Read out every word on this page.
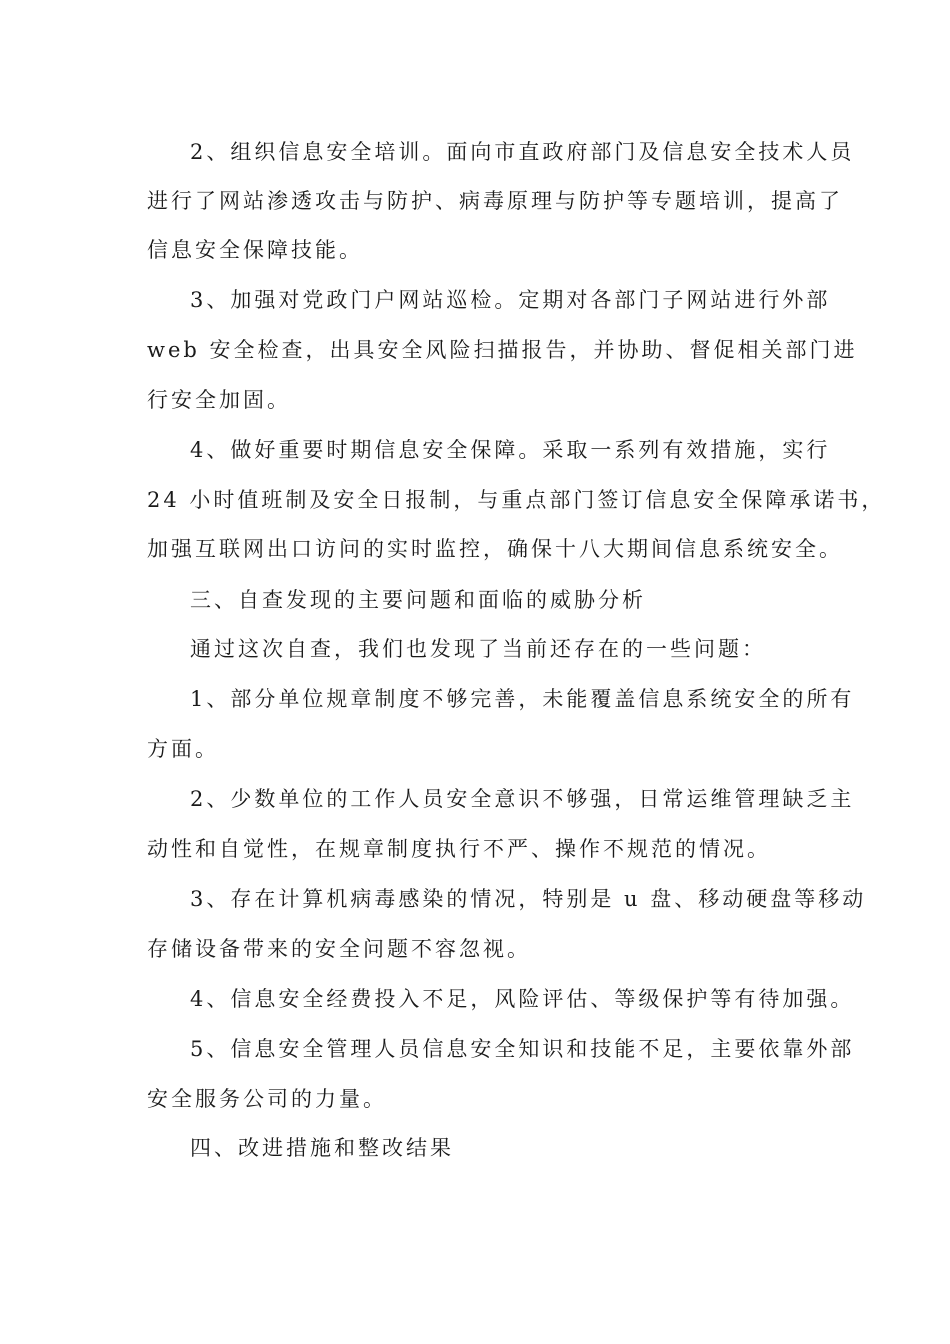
2、组织信息安全培训。面向市直政府部门及信息安全技术人员
进行了网站渗透攻击与防护、病毒原理与防护等专题培训，提高了
信息安全保障技能。
3、加强对党政门户网站巡检。定期对各部门子网站进行外部
web 安全检查，出具安全风险扫描报告，并协助、督促相关部门进
行安全加固。
4、做好重要时期信息安全保障。采取一系列有效措施，实行
24 小时值班制及安全日报制，与重点部门签订信息安全保障承诺书，
加强互联网出口访问的实时监控，确保十八大期间信息系统安全。
三、自查发现的主要问题和面临的威胁分析
通过这次自查，我们也发现了当前还存在的一些问题：
1、部分单位规章制度不够完善，未能覆盖信息系统安全的所有
方面。
2、少数单位的工作人员安全意识不够强，日常运维管理缺乏主
动性和自觉性，在规章制度执行不严、操作不规范的情况。
3、存在计算机病毒感染的情况，特别是 u 盘、移动硬盘等移动
存储设备带来的安全问题不容忽视。
4、信息安全经费投入不足，风险评估、等级保护等有待加强。
5、信息安全管理人员信息安全知识和技能不足，主要依靠外部
安全服务公司的力量。
四、改进措施和整改结果
